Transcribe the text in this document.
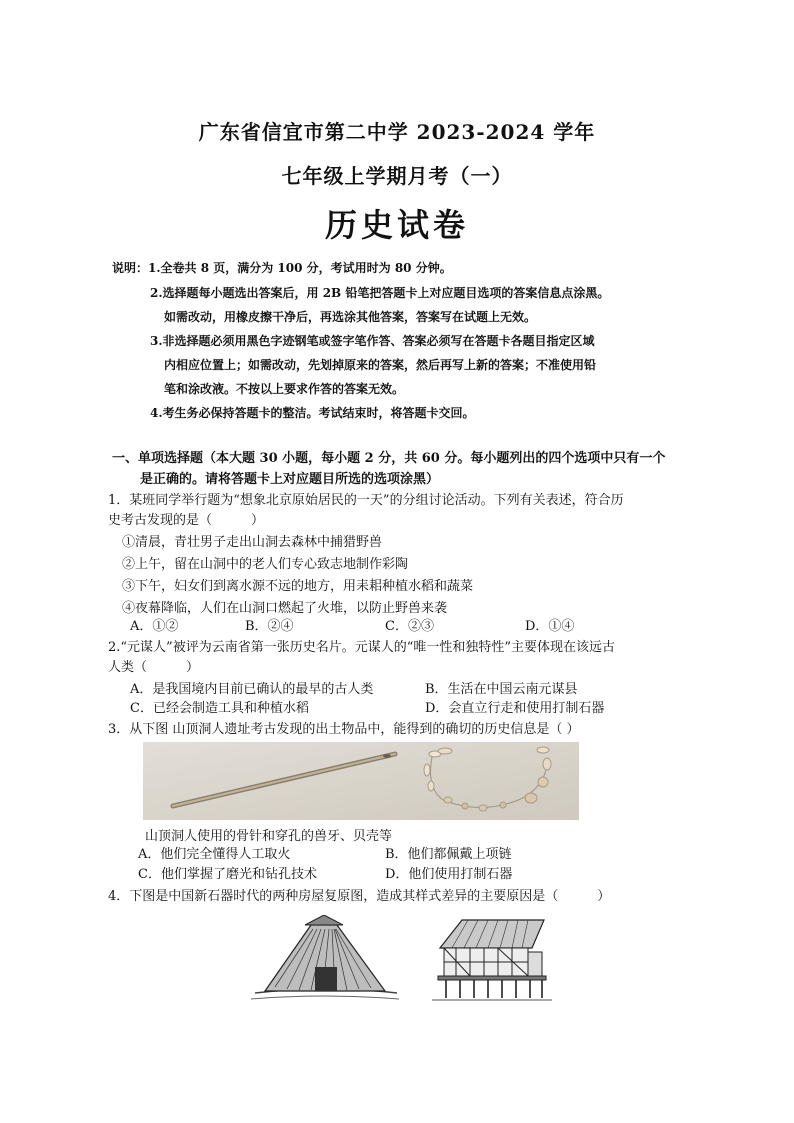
广东省信宜市第二中学 2023-2024 学年
七年级上学期月考（一）
历史试卷
说明：1.全卷共 8 页，满分为 100 分，考试用时为 80 分钟。
2.选择题每小题选出答案后，用 2B 铅笔把答题卡上对应题目选项的答案信息点涂黑。
如需改动，用橡皮擦干净后，再选涂其他答案，答案写在试题上无效。
3.非选择题必须用黑色字迹钢笔或签字笔作答、答案必须写在答题卡各题目指定区域
内相应位置上；如需改动，先划掉原来的答案，然后再写上新的答案；不准使用铅
笔和涂改液。不按以上要求作答的答案无效。
4.考生务必保持答题卡的整洁。考试结束时，将答题卡交回。
一、单项选择题（本大题 30 小题，每小题 2 分，共 60 分。每小题列出的四个选项中只有一个
是正确的。请将答题卡上对应题目所选的选项涂黑）
1．某班同学举行题为“想象北京原始居民的一天”的分组讨论活动。下列有关表述，符合历
史考古发现的是（　　　）
①清晨，青壮男子走出山洞去森林中捕猎野兽
②上午，留在山洞中的老人们专心致志地制作彩陶
③下午，妇女们到离水源不远的地方，用耒耜种植水稻和蔬菜
④夜幕降临，人们在山洞口燃起了火堆，以防止野兽来袭
A．①②	B．②④	C．②③	D．①④
2.“元谋人”被评为云南省第一张历史名片。元谋人的“唯一性和独特性”主要体现在该远古
人类（　　　）
A．是我国境内目前已确认的最早的古人类	B．生活在中国云南元谋县
C．已经会制造工具和种植水稻	D．会直立行走和使用打制石器
3．从下图 山顶洞人遗址考古发现的出土物品中，能得到的确切的历史信息是（ ）
山顶洞人使用的骨针和穿孔的兽牙、贝壳等
A．他们完全懂得人工取火	B．他们都佩戴上项链
C．他们掌握了磨光和钻孔技术	D．他们使用打制石器
4．下图是中国新石器时代的两种房屋复原图，造成其样式差异的主要原因是（　　　）
